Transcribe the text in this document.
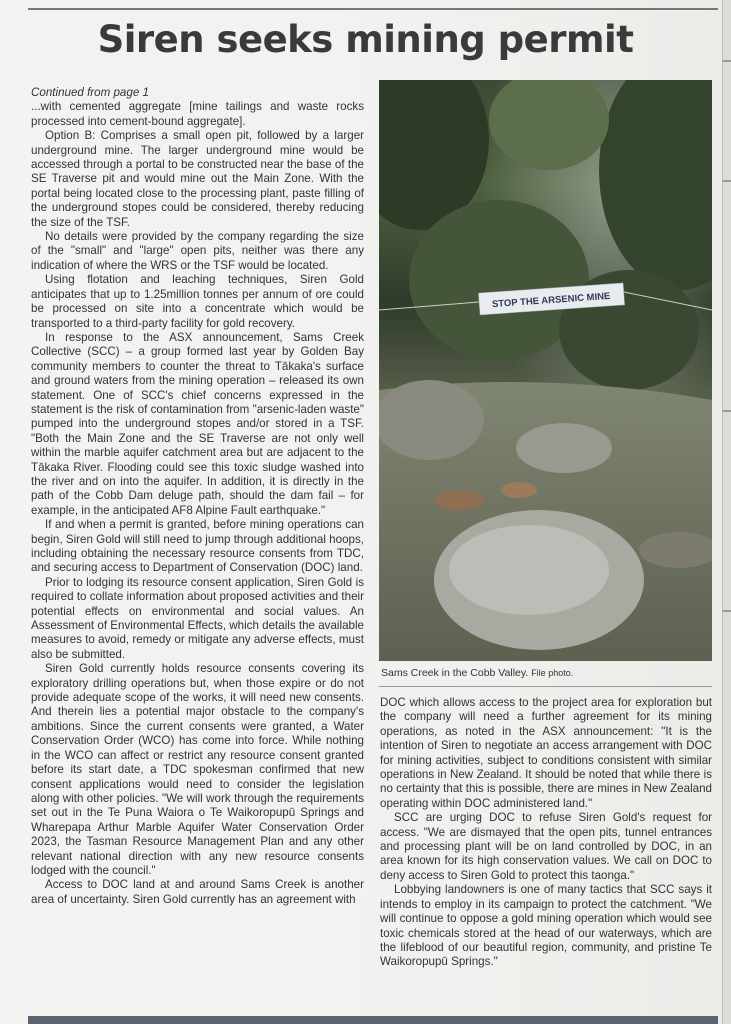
Siren seeks mining permit

Continued from page 1

...with cemented aggregate [mine tailings and waste rocks processed into cement-bound aggregate].

Option B: Comprises a small open pit, followed by a larger underground mine. The larger underground mine would be accessed through a portal to be constructed near the base of the SE Traverse pit and would mine out the Main Zone. With the portal being located close to the processing plant, paste filling of the underground stopes could be considered, thereby reducing the size of the TSF.

No details were provided by the company regarding the size of the "small" and "large" open pits, neither was there any indication of where the WRS or the TSF would be located.

Using flotation and leaching techniques, Siren Gold anticipates that up to 1.25million tonnes per annum of ore could be processed on site into a concentrate which would be transported to a third-party facility for gold recovery.

In response to the ASX announcement, Sams Creek Collective (SCC) – a group formed last year by Golden Bay community members to counter the threat to Tākaka's surface and ground waters from the mining operation – released its own statement. One of SCC's chief concerns expressed in the statement is the risk of contamination from "arsenic-laden waste" pumped into the underground stopes and/or stored in a TSF. "Both the Main Zone and the SE Traverse are not only well within the marble aquifer catchment area but are adjacent to the Tākaka River. Flooding could see this toxic sludge washed into the river and on into the aquifer. In addition, it is directly in the path of the Cobb Dam deluge path, should the dam fail – for example, in the anticipated AF8 Alpine Fault earthquake."

If and when a permit is granted, before mining operations can begin, Siren Gold will still need to jump through additional hoops, including obtaining the necessary resource consents from TDC, and securing access to Department of Conservation (DOC) land.

Prior to lodging its resource consent application, Siren Gold is required to collate information about proposed activities and their potential effects on environmental and social values. An Assessment of Environmental Effects, which details the available measures to avoid, remedy or mitigate any adverse effects, must also be submitted.

Siren Gold currently holds resource consents covering its exploratory drilling operations but, when those expire or do not provide adequate scope of the works, it will need new consents. And therein lies a potential major obstacle to the company's ambitions. Since the current consents were granted, a Water Conservation Order (WCO) has come into force. While nothing in the WCO can affect or restrict any resource consent granted before its start date, a TDC spokesman confirmed that new consent applications would need to consider the legislation along with other policies. "We will work through the requirements set out in the Te Puna Waiora o Te Waikoropupū Springs and Wharepapa Arthur Marble Aquifer Water Conservation Order 2023, the Tasman Resource Management Plan and any other relevant national direction with any new resource consents lodged with the council."

Access to DOC land at and around Sams Creek is another area of uncertainty. Siren Gold currently has an agreement with

STOP THE ARSENIC MINE
Sams Creek in the Cobb Valley. File photo.

DOC which allows access to the project area for exploration but the company will need a further agreement for its mining operations, as noted in the ASX announcement: "It is the intention of Siren to negotiate an access arrangement with DOC for mining activities, subject to conditions consistent with similar operations in New Zealand. It should be noted that while there is no certainty that this is possible, there are mines in New Zealand operating within DOC administered land."

SCC are urging DOC to refuse Siren Gold's request for access. "We are dismayed that the open pits, tunnel entrances and processing plant will be on land controlled by DOC, in an area known for its high conservation values. We call on DOC to deny access to Siren Gold to protect this taonga."

Lobbying landowners is one of many tactics that SCC says it intends to employ in its campaign to protect the catchment. "We will continue to oppose a gold mining operation which would see toxic chemicals stored at the head of our waterways, which are the lifeblood of our beautiful region, community, and pristine Te Waikoropupū Springs."
